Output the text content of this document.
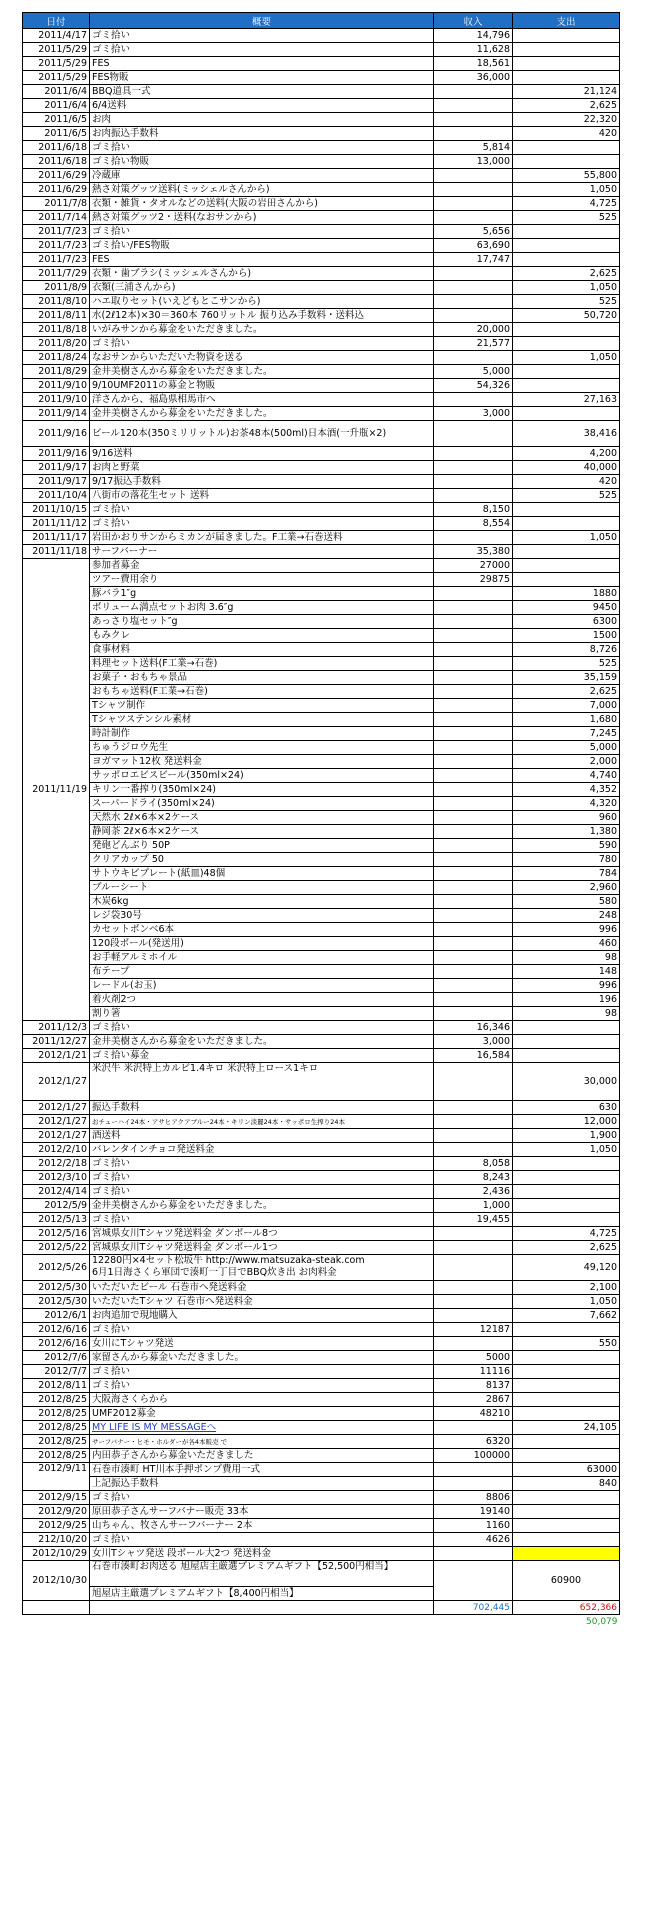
日付	概要	収入	支出
2011/4/17	ゴミ拾い	14,796	
2011/5/29	ゴミ拾い	11,628	
2011/5/29	FES	18,561	
2011/5/29	FES物販	36,000	
2011/6/4	BBQ道具一式		21,124
2011/6/4	6/4送料		2,625
2011/6/5	お肉		22,320
2011/6/5	お肉振込手数料		420
2011/6/18	ゴミ拾い	5,814	
2011/6/18	ゴミ拾い物販	13,000	
2011/6/29	冷蔵庫		55,800
2011/6/29	熱さ対策グッツ送料(ミッシェルさんから)		1,050
2011/7/8	衣類・雑貨・タオルなどの送料(大阪の岩田さんから)		4,725
2011/7/14	熱さ対策グッツ2・送料(なおサンから)		525
2011/7/23	ゴミ拾い	5,656	
2011/7/23	ゴミ拾い/FES物販	63,690	
2011/7/23	FES	17,747	
2011/7/29	衣類・歯ブラシ(ミッシェルさんから)		2,625
2011/8/9	衣類(三浦さんから)		1,050
2011/8/10	ハエ取りセット(いえどもとこサンから)		525
2011/8/11	水(2ℓ12本)×30＝360本 760リットル 振り込み手数料・送料込		50,720
2011/8/18	いがみサンから募金をいただきました。	20,000	
2011/8/20	ゴミ拾い	21,577	
2011/8/24	なおサンからいただいた物資を送る		1,050
2011/8/29	金井美樹さんから募金をいただきました。	5,000	
2011/9/10	9/10UMF2011の募金と物販	54,326	
2011/9/10	洋さんから、福島県相馬市へ		27,163
2011/9/14	金井美樹さんから募金をいただきました。	3,000	
2011/9/16	ビール120本(350ミリリットル)お茶48本(500ml)日本酒(一升瓶×2)		38,416
2011/9/16	9/16送料		4,200
2011/9/17	お肉と野菜		40,000
2011/9/17	9/17振込手数料		420
2011/10/4	八街市の落花生セット 送料		525
2011/10/15	ゴミ拾い	8,150	
2011/11/12	ゴミ拾い	8,554	
2011/11/17	岩田かおりサンからミカンが届きました。F工業→石巻送料		1,050
2011/11/18	サーフバーナー	35,380	
2011/11/19	参加者募金	27000	
	ツアー費用余り	29875	
	豚バラ1″g		1880
	ボリューム満点セットお肉 3.6″g		9450
	あっさり塩セット″g		6300
	もみクレ		1500
	食事材料		8,726
	料理セット送料(F工業→石巻)		525
	お菓子・おもちゃ景品		35,159
	おもちゃ送料(F工業→石巻)		2,625
	Tシャツ制作		7,000
	Tシャツステンシル素材		1,680
	時計制作		7,245
	ちゅうジロウ先生		5,000
	ヨガマット12枚 発送料金		2,000
	サッポロエビスビール(350ml×24)		4,740
	キリン一番搾り(350ml×24)		4,352
	スーパードライ(350ml×24)		4,320
	天然水 2ℓ×6本×2ケース		960
	静岡茶 2ℓ×6本×2ケース		1,380
	発砲どんぶり 50P		590
	クリアカップ 50		780
	サトウキビプレート(紙皿)48個		784
	ブルーシート		2,960
	木炭6kg		580
	レジ袋30号		248
	カセットボンベ6本		996
	120段ボール(発送用)		460
	お手軽アルミホイル		98
	布テープ		148
	レードル(お玉)		996
	着火剤2つ		196
	割り箸		98
2011/12/3	ゴミ拾い	16,346	
2011/12/27	金井美樹さんから募金をいただきました。	3,000	
2012/1/21	ゴミ拾い募金	16,584	
2012/1/27	米沢牛 米沢特上カルビ1.4キロ 米沢特上ロース1キロ		30,000
2012/1/27	振込手数料		630
2012/1/27	おチューハイ24本・アサヒアクアブルー24本・キリン淡麗24本・サッポロ生搾り24本		12,000
2012/1/27	酒送料		1,900
2012/2/10	バレンタインチョコ発送料金		1,050
2012/2/18	ゴミ拾い	8,058	
2012/3/10	ゴミ拾い	8,243	
2012/4/14	ゴミ拾い	2,436	
2012/5/9	金井美樹さんから募金をいただきました。	1,000	
2012/5/13	ゴミ拾い	19,455	
2012/5/16	宮城県女川Tシャツ発送料金 ダンボール8つ		4,725
2012/5/22	宮城県女川Tシャツ発送料金 ダンボール1つ		2,625
2012/5/26	12280円×4セット松坂牛 http://www.matsuzaka-steak.com
6月1日海さくら軍団で湊町一丁目でBBQ炊き出 お肉料金		49,120
2012/5/30	いただいたビール 石巻市へ発送料金		2,100
2012/5/30	いただいたTシャツ 石巻市へ発送料金		1,050
2012/6/1	お肉追加で現地購入		7,662
2012/6/16	ゴミ拾い	12187	
2012/6/16	女川にTシャツ発送		550
2012/7/6	家留さんから募金いただきました。	5000	
2012/7/7	ゴミ拾い	11116	
2012/8/11	ゴミ拾い	8137	
2012/8/25	大阪海さくらから	2867	
2012/8/25	UMF2012募金	48210	
2012/8/25	MY LIFE IS MY MESSAGEへ		24,105
2012/8/25	サーフバナー・ヒモ・ホルダーが各4本販売 で	6320	
2012/8/25	内田恭子さんから募金いただきました	100000	
2012/9/11	石巻市湊町 HT川本手押ポンプ費用一式		63000
	上記振込手数料		840
2012/9/15	ゴミ拾い	8806	
2012/9/20	原田恭子さんサーフバナー販売 33本	19140	
2012/9/25	山ちゃん、牧さんサーフバーナー 2本	1160	
212/10/20	ゴミ拾い	4626	
2012/10/29	女川Tシャツ発送 段ボール大2つ 発送料金		
2012/10/30	石巻市湊町お肉送る 旭屋店主厳選プレミアムギフト【52,500円相当】		60900
	旭屋店主厳選プレミアムギフト【8,400円相当】		
		702,445	652,366
			50,079
